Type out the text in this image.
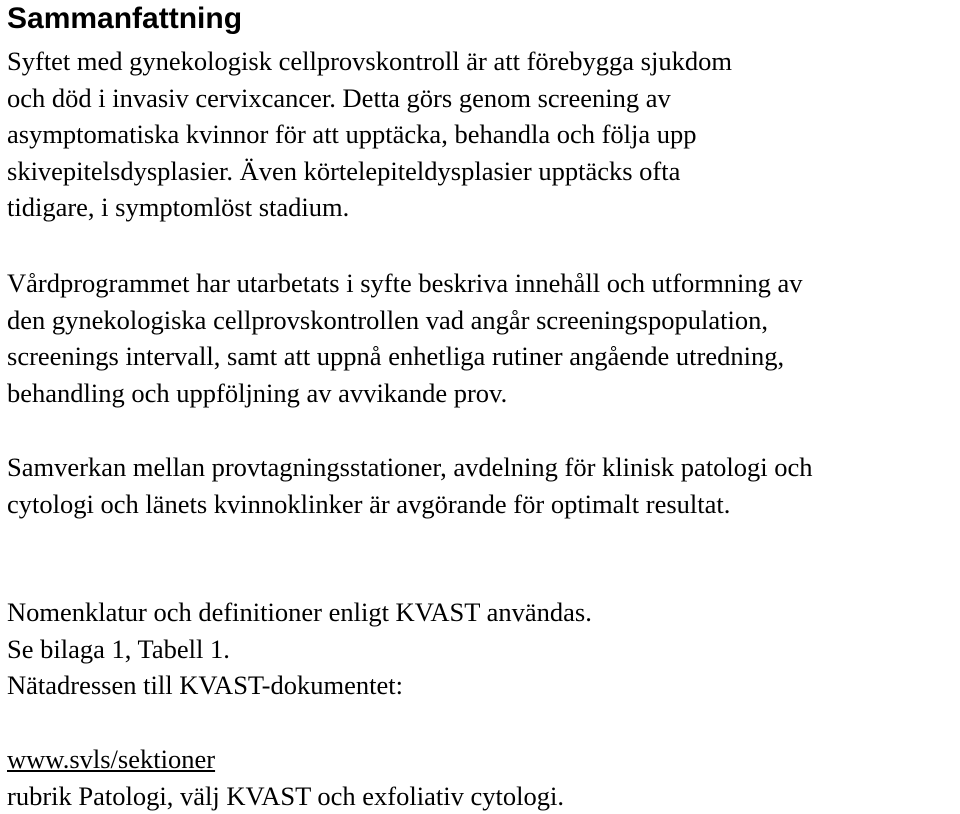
Sammanfattning
Syftet med gynekologisk cellprovskontroll är att förebygga sjukdom
och död i invasiv cervixcancer. Detta görs genom screening av
asymptomatiska kvinnor för att upptäcka, behandla och följa upp
skivepitelsdysplasier. Även körtelepiteldysplasier upptäcks ofta
tidigare, i symptomlöst stadium.
Vårdprogrammet har utarbetats i syfte beskriva innehåll och utformning av
den gynekologiska cellprovskontrollen vad angår screeningspopulation,
screenings intervall, samt att uppnå enhetliga rutiner angående utredning,
behandling och uppföljning av avvikande prov.
Samverkan mellan provtagningsstationer, avdelning för klinisk patologi och
cytologi och länets kvinnoklinker är avgörande för optimalt resultat.
Nomenklatur och definitioner enligt KVAST användas.
Se bilaga 1, Tabell 1.
Nätadressen till KVAST-dokumentet:
www.svls/sektioner
rubrik Patologi, välj KVAST och exfoliativ cytologi.
